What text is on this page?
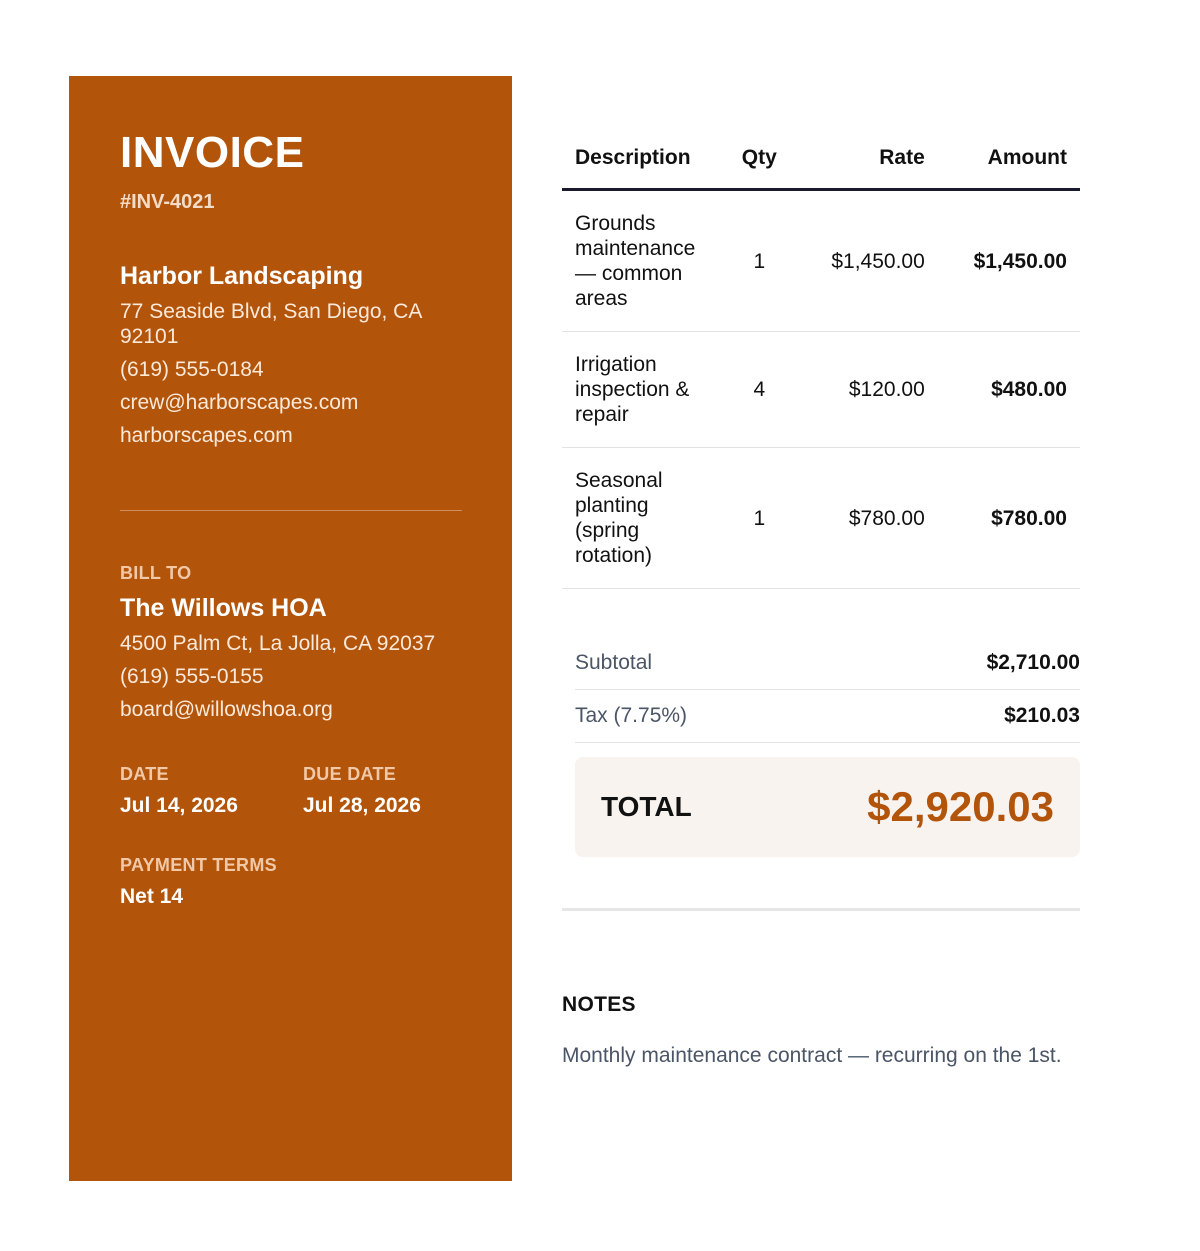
INVOICE
#INV-4021
Harbor Landscaping
77 Seaside Blvd, San Diego, CA 92101
(619) 555-0184
crew@harborscapes.com
harborscapes.com
BILL TO
The Willows HOA
4500 Palm Ct, La Jolla, CA 92037
(619) 555-0155
board@willowshoa.org
DATE
Jul 14, 2026
DUE DATE
Jul 28, 2026
PAYMENT TERMS
Net 14
Description	Qty	Rate	Amount
Grounds maintenance — common areas	1	$1,450.00	$1,450.00
Irrigation inspection & repair	4	$120.00	$480.00
Seasonal planting (spring rotation)	1	$780.00	$780.00
Subtotal	$2,710.00
Tax (7.75%)	$210.03
TOTAL	$2,920.03
NOTES
Monthly maintenance contract — recurring on the 1st.
